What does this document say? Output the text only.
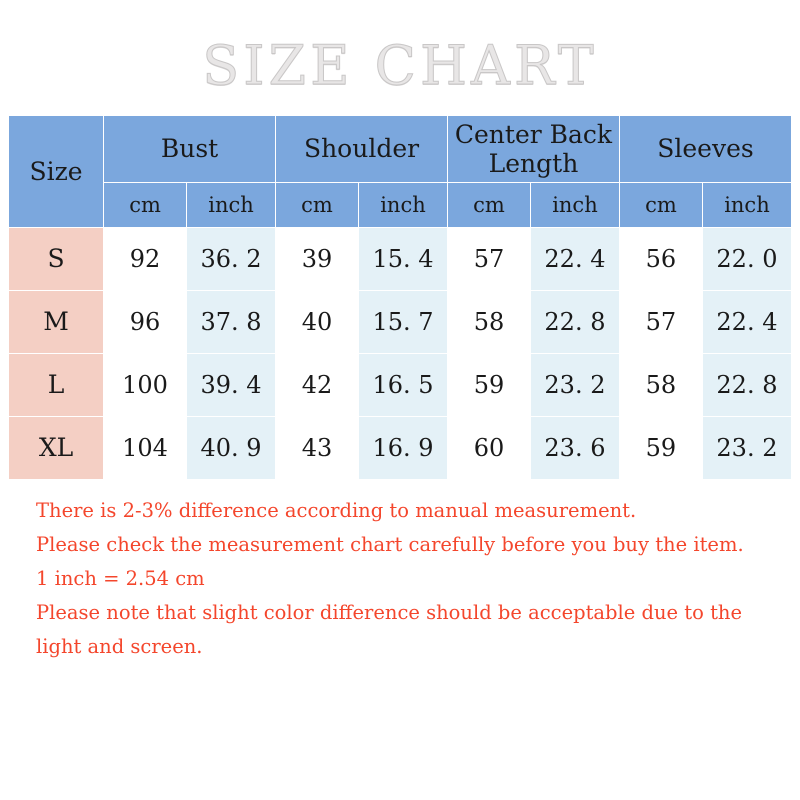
SIZE CHART
Size	Bust		Shoulder		Center Back Length		Sleeves	
	cm	inch	cm	inch	cm	inch	cm	inch
S	92	36. 2	39	15. 4	57	22. 4	56	22. 0
M	96	37. 8	40	15. 7	58	22. 8	57	22. 4
L	100	39. 4	42	16. 5	59	23. 2	58	22. 8
XL	104	40. 9	43	16. 9	60	23. 6	59	23. 2
There is 2-3% difference according to manual measurement.
Please check the measurement chart carefully before you buy the item.
1 inch = 2.54 cm
Please note that slight color difference should be acceptable due to the
light and screen.
